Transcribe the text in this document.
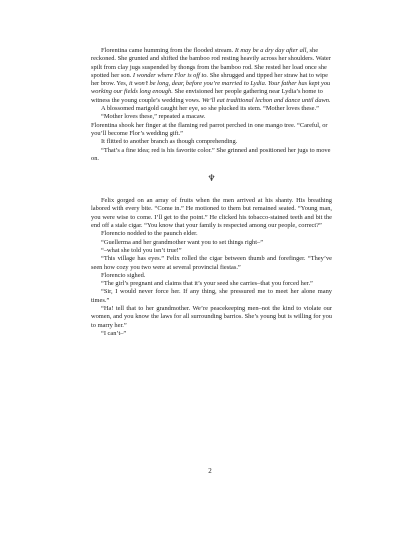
Florentina came humming from the flooded stream. It may be a dry day after all, she reckoned. She grunted and shifted the bamboo rod resting heavily across her shoulders. Water spilt from clay jugs suspended by thongs from the bamboo rod. She rested her load once she spotted her son. I wonder where Flor is off to. She shrugged and tipped her straw hat to wipe her brow. Yes, it won’t be long, dear, before you’re married to Lydia. Your father has kept you working our fields long enough. She envisioned her people gathering near Lydia’s home to witness the young couple’s wedding vows. We’ll eat traditional lechon and dance until dawn.

A blossomed marigold caught her eye, so she plucked its stem. “Mother loves these.”

“Mother loves these,” repeated a macaw.

Florentina shook her finger at the flaming red parrot perched in one mango tree. “Careful, or you’ll become Flor’s wedding gift.”

It flitted to another branch as though comprehending.

“That’s a fine idea; red is his favorite color.” She grinned and positioned her jugs to move on.

♆

Felix gorged on an array of fruits when the men arrived at his shanty. His breathing labored with every bite. “Come in.” He motioned to them but remained seated. “Young man, you were wise to come. I’ll get to the point.” He clicked his tobacco-stained teeth and bit the end off a stale cigar. “You know that your family is respected among our people, correct?”

Florencio nodded to the paunch elder.

“Guellerma and her grandmother want you to set things right–”

“–what she told you isn’t true!”

“This village has eyes.” Felix rolled the cigar between thumb and forefinger. “They’ve seen how cozy you two were at several provincial fiestas.”

Florencio sighed.

“The girl’s pregnant and claims that it’s your seed she carries–that you forced her.”

“Sir, I would never force her. If any thing, she pressured me to meet her alone many times.”

“Ha! tell that to her grandmother. We’re peacekeeping men–not the kind to violate our women, and you know the laws for all surrounding barrios. She’s young but is willing for you to marry her.”

“I can’t–”

2
